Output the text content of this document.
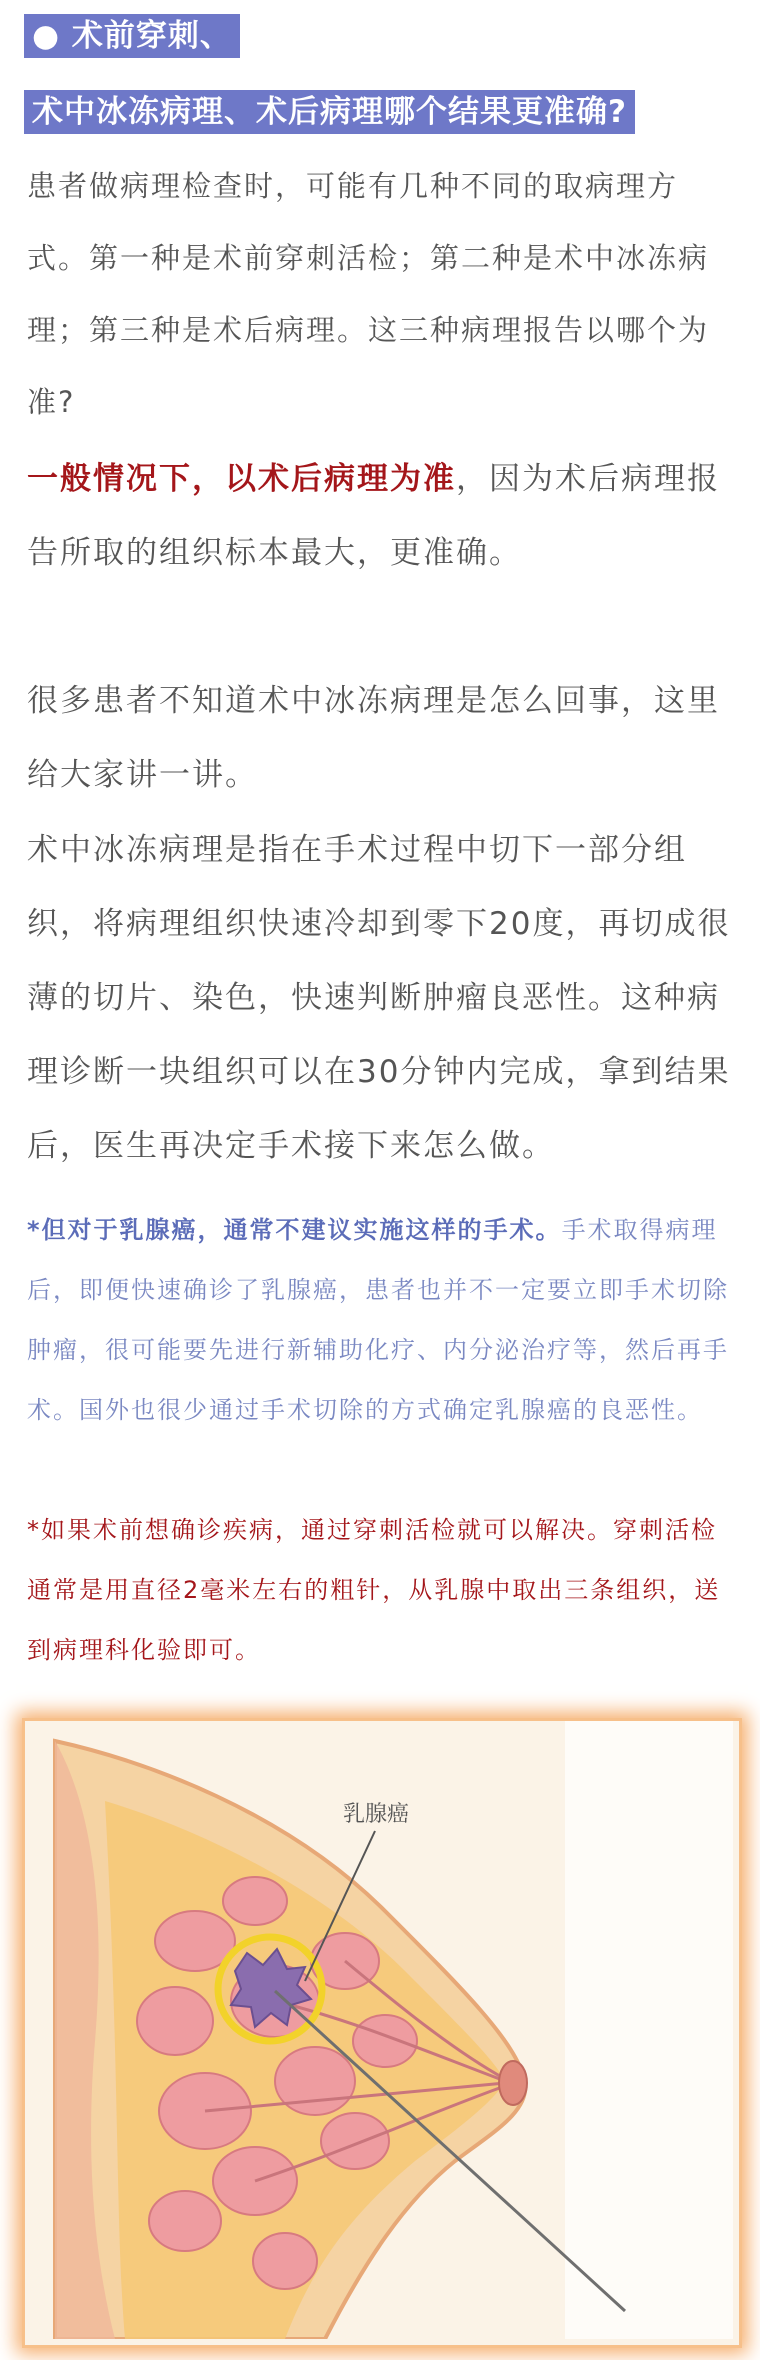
● 术前穿刺、
术中冰冻病理、术后病理哪个结果更准确?
患者做病理检查时，可能有几种不同的取病理方式。第一种是术前穿刺活检；第二种是术中冰冻病理；第三种是术后病理。这三种病理报告以哪个为准?
一般情况下，以术后病理为准，因为术后病理报告所取的组织标本最大，更准确。
很多患者不知道术中冰冻病理是怎么回事，这里给大家讲一讲。
术中冰冻病理是指在手术过程中切下一部分组织，将病理组织快速冷却到零下20度，再切成很薄的切片、染色，快速判断肿瘤良恶性。这种病理诊断一块组织可以在30分钟内完成，拿到结果后，医生再决定手术接下来怎么做。
*但对于乳腺癌，通常不建议实施这样的手术。手术取得病理后，即便快速确诊了乳腺癌，患者也并不一定要立即手术切除肿瘤，很可能要先进行新辅助化疗、内分泌治疗等，然后再手术。国外也很少通过手术切除的方式确定乳腺癌的良恶性。
*如果术前想确诊疾病，通过穿刺活检就可以解决。穿刺活检通常是用直径2毫米左右的粗针，从乳腺中取出三条组织，送到病理科化验即可。
乳腺癌
